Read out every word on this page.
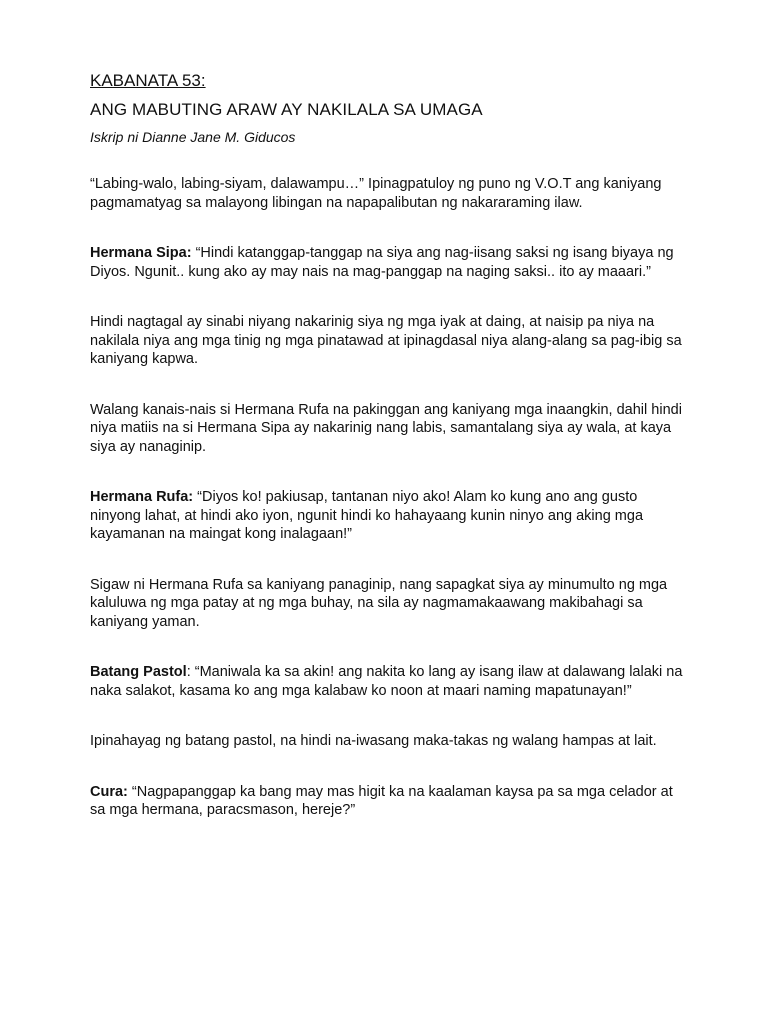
KABANATA 53:
ANG MABUTING ARAW AY NAKILALA SA UMAGA

Iskrip ni Dianne Jane M. Giducos

“Labing-walo, labing-siyam, dalawampu…” Ipinagpatuloy ng puno ng V.O.T ang kaniyang pagmamatyag sa malayong libingan na napapalibutan ng nakararaming ilaw.

Hermana Sipa: “Hindi katanggap-tanggap na siya ang nag-iisang saksi ng isang biyaya ng Diyos. Ngunit.. kung ako ay may nais na mag-panggap na naging saksi.. ito ay maaari.”

Hindi nagtagal ay sinabi niyang nakarinig siya ng mga iyak at daing, at naisip pa niya na nakilala niya ang mga tinig ng mga pinatawad at ipinagdasal niya alang-alang sa pag-ibig sa kaniyang kapwa.

Walang kanais-nais si Hermana Rufa na pakinggan ang kaniyang mga inaangkin, dahil hindi niya matiis na si Hermana Sipa ay nakarinig nang labis, samantalang siya ay wala, at kaya siya ay nanaginip.

Hermana Rufa: “Diyos ko! pakiusap, tantanan niyo ako! Alam ko kung ano ang gusto ninyong lahat, at hindi ako iyon, ngunit hindi ko hahayaang kunin ninyo ang aking mga kayamanan na maingat kong inalagaan!”

Sigaw ni Hermana Rufa sa kaniyang panaginip, nang sapagkat siya ay minumulto ng mga kaluluwa ng mga patay at ng mga buhay, na sila ay nagmamakaawang makibahagi sa kaniyang yaman.

Batang Pastol: “Maniwala ka sa akin! ang nakita ko lang ay isang ilaw at dalawang lalaki na naka salakot, kasama ko ang mga kalabaw ko noon at maari naming mapatunayan!”

Ipinahayag ng batang pastol, na hindi na-iwasang maka-takas ng walang hampas at lait.

Cura: “Nagpapanggap ka bang may mas higit ka na kaalaman kaysa pa sa mga celador at sa mga hermana, paracsmason, hereje?”
